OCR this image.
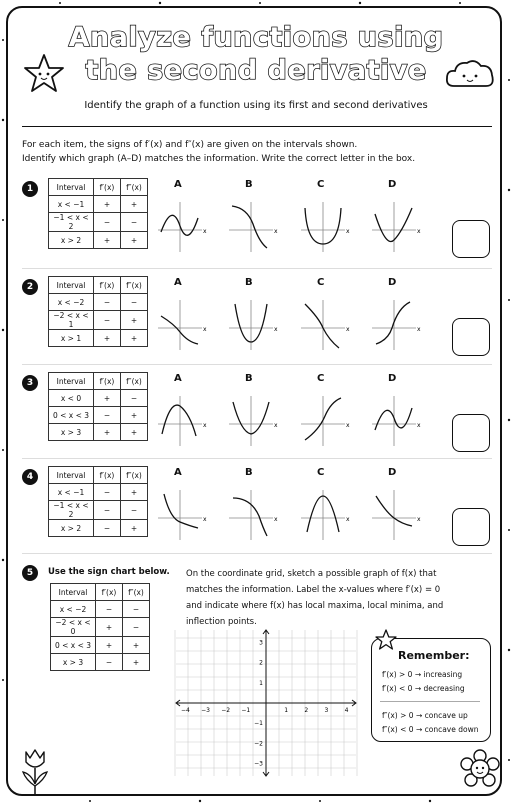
Analyze functions using
the second derivative
Identify the graph of a function using its first and second derivatives
For each item, the signs of f′(x) and f″(x) are given on the intervals shown.
Identify which graph (A–D) matches the information. Write the correct letter in the box.
1	Interval	f′(x)	f″(x)
x < −1	+	+
−1 < x < 2	−	−
x > 2	+	+
A
x
B
x
C
x
D
x
2	Interval	f′(x)	f″(x)
x < −2	−	−
−2 < x < 1	−	+
x > 1	+	+
A
x
B
x
C
x
D
x
3	Interval	f′(x)	f″(x)
x < 0	+	−
0 < x < 3	−	+
x > 3	+	+
A
x
B
x
C
x
D
x
4	Interval	f′(x)	f″(x)
x < −1	−	+
−1 < x < 2	−	−
x > 2	−	+
A
x
B
x
C
x
D
x
5	Use the sign chart below.
Interval	f′(x)	f″(x)
x < −2	−	−
−2 < x < 0	+	−
0 < x < 3	+	+
x > 3	−	+
On the coordinate grid, sketch a possible graph of f(x) that
matches the information. Label the x-values where f′(x) = 0
and indicate where f(x) has local maxima, local minima, and
inflection points.
−4 −3 −2 −1	1	2	3	4
3
2
1
−1
−2
−3
Remember:
f′(x) > 0 → increasing
f′(x) < 0 → decreasing
f″(x) > 0 → concave up
f″(x) < 0 → concave down
